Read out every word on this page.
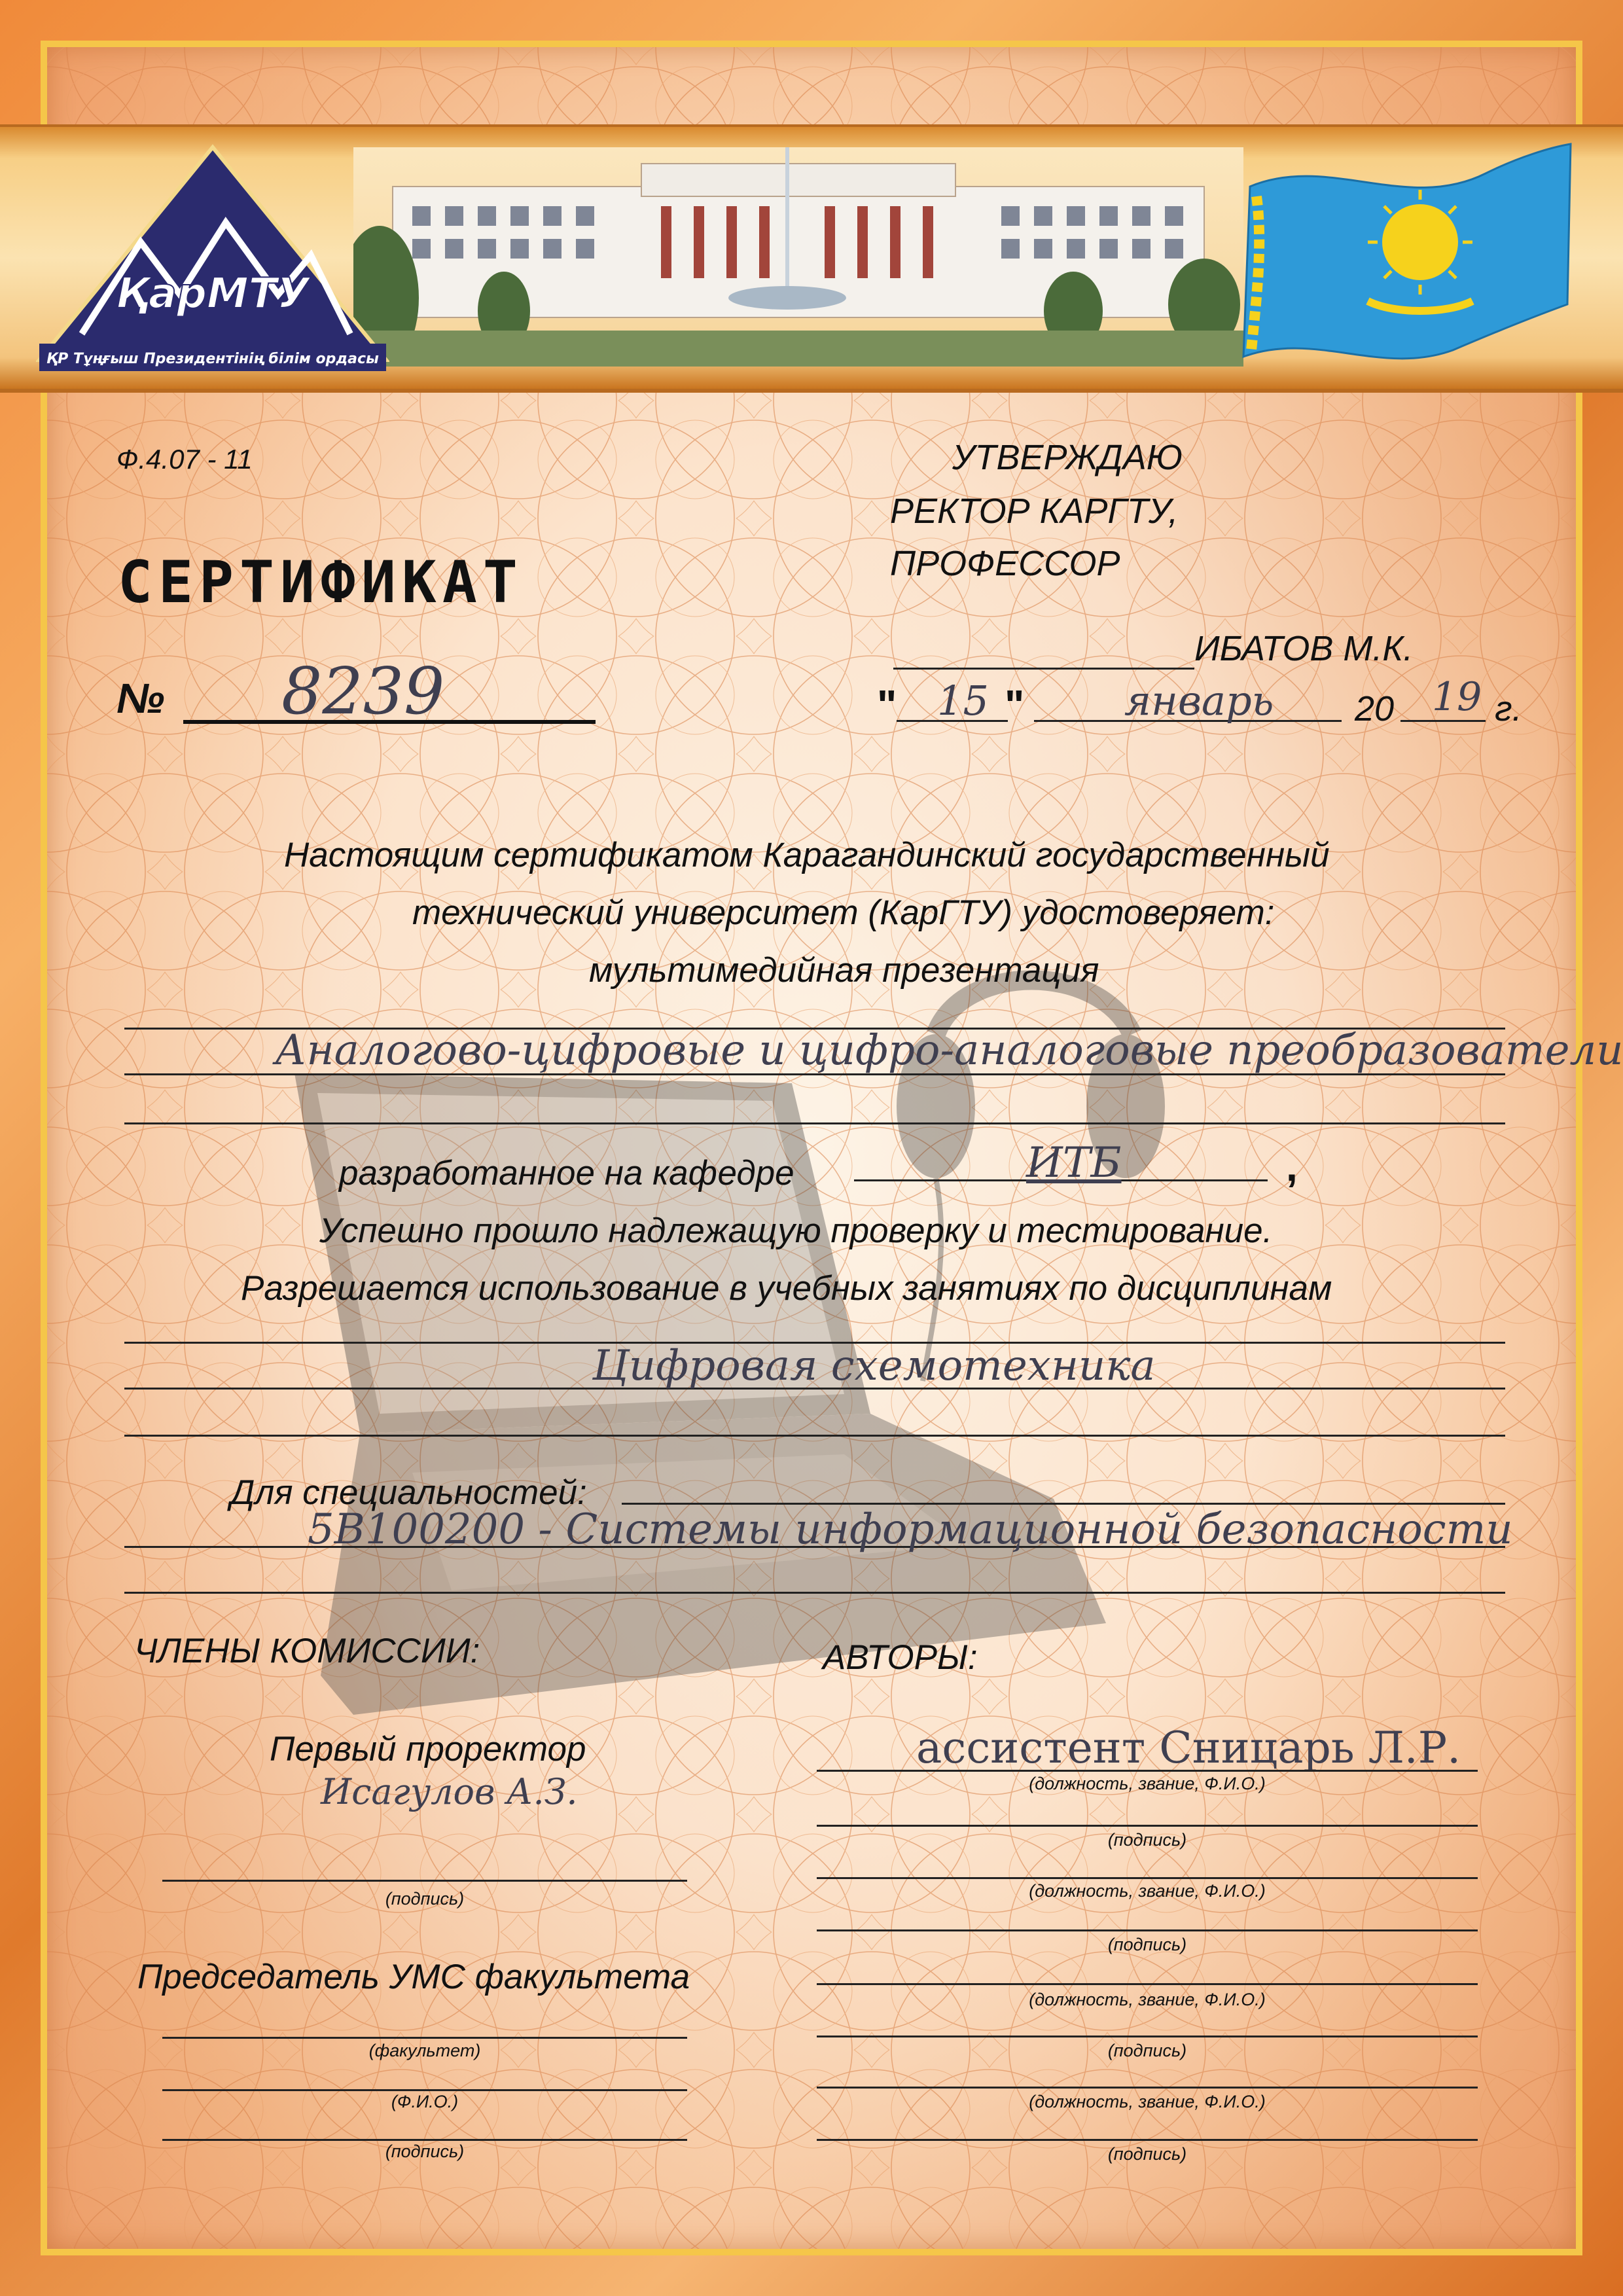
ҚарМТУ
ҚР Тұңғыш Президентінің білім ордасы
Ф.4.07 - 11	УТВЕРЖДАЮ
РЕКТОР КАРГТУ,
ПРОФЕССОР
ИБАТОВ М.К.
СЕРТИФИКАТ
№ 8239	" 15 " январь 20 19 г.
Настоящим сертификатом Карагандинский государственный
технический университет (КарГТУ) удостоверяет:
мультимедийная презентация
Аналогово-цифровые и цифро-аналоговые преобразователи
разработанное на кафедре	ИТБ	,
Успешно прошло надлежащую проверку и тестирование.
Разрешается использование в учебных занятиях по дисциплинам
Цифровая схемотехника
Для специальностей:
5В100200 - Системы информационной безопасности
ЧЛЕНЫ КОМИССИИ:
Первый проректор
Исагулов А.З.
(подпись)
Председатель УМС факультета
(факультет)
(Ф.И.О.)
(подпись)
АВТОРЫ:
ассистент Сницарь Л.Р.
(должность, звание, Ф.И.О.)
(подпись)
(должность, звание, Ф.И.О.)
(подпись)
(должность, звание, Ф.И.О.)
(подпись)
(должность, звание, Ф.И.О.)
(подпись)
